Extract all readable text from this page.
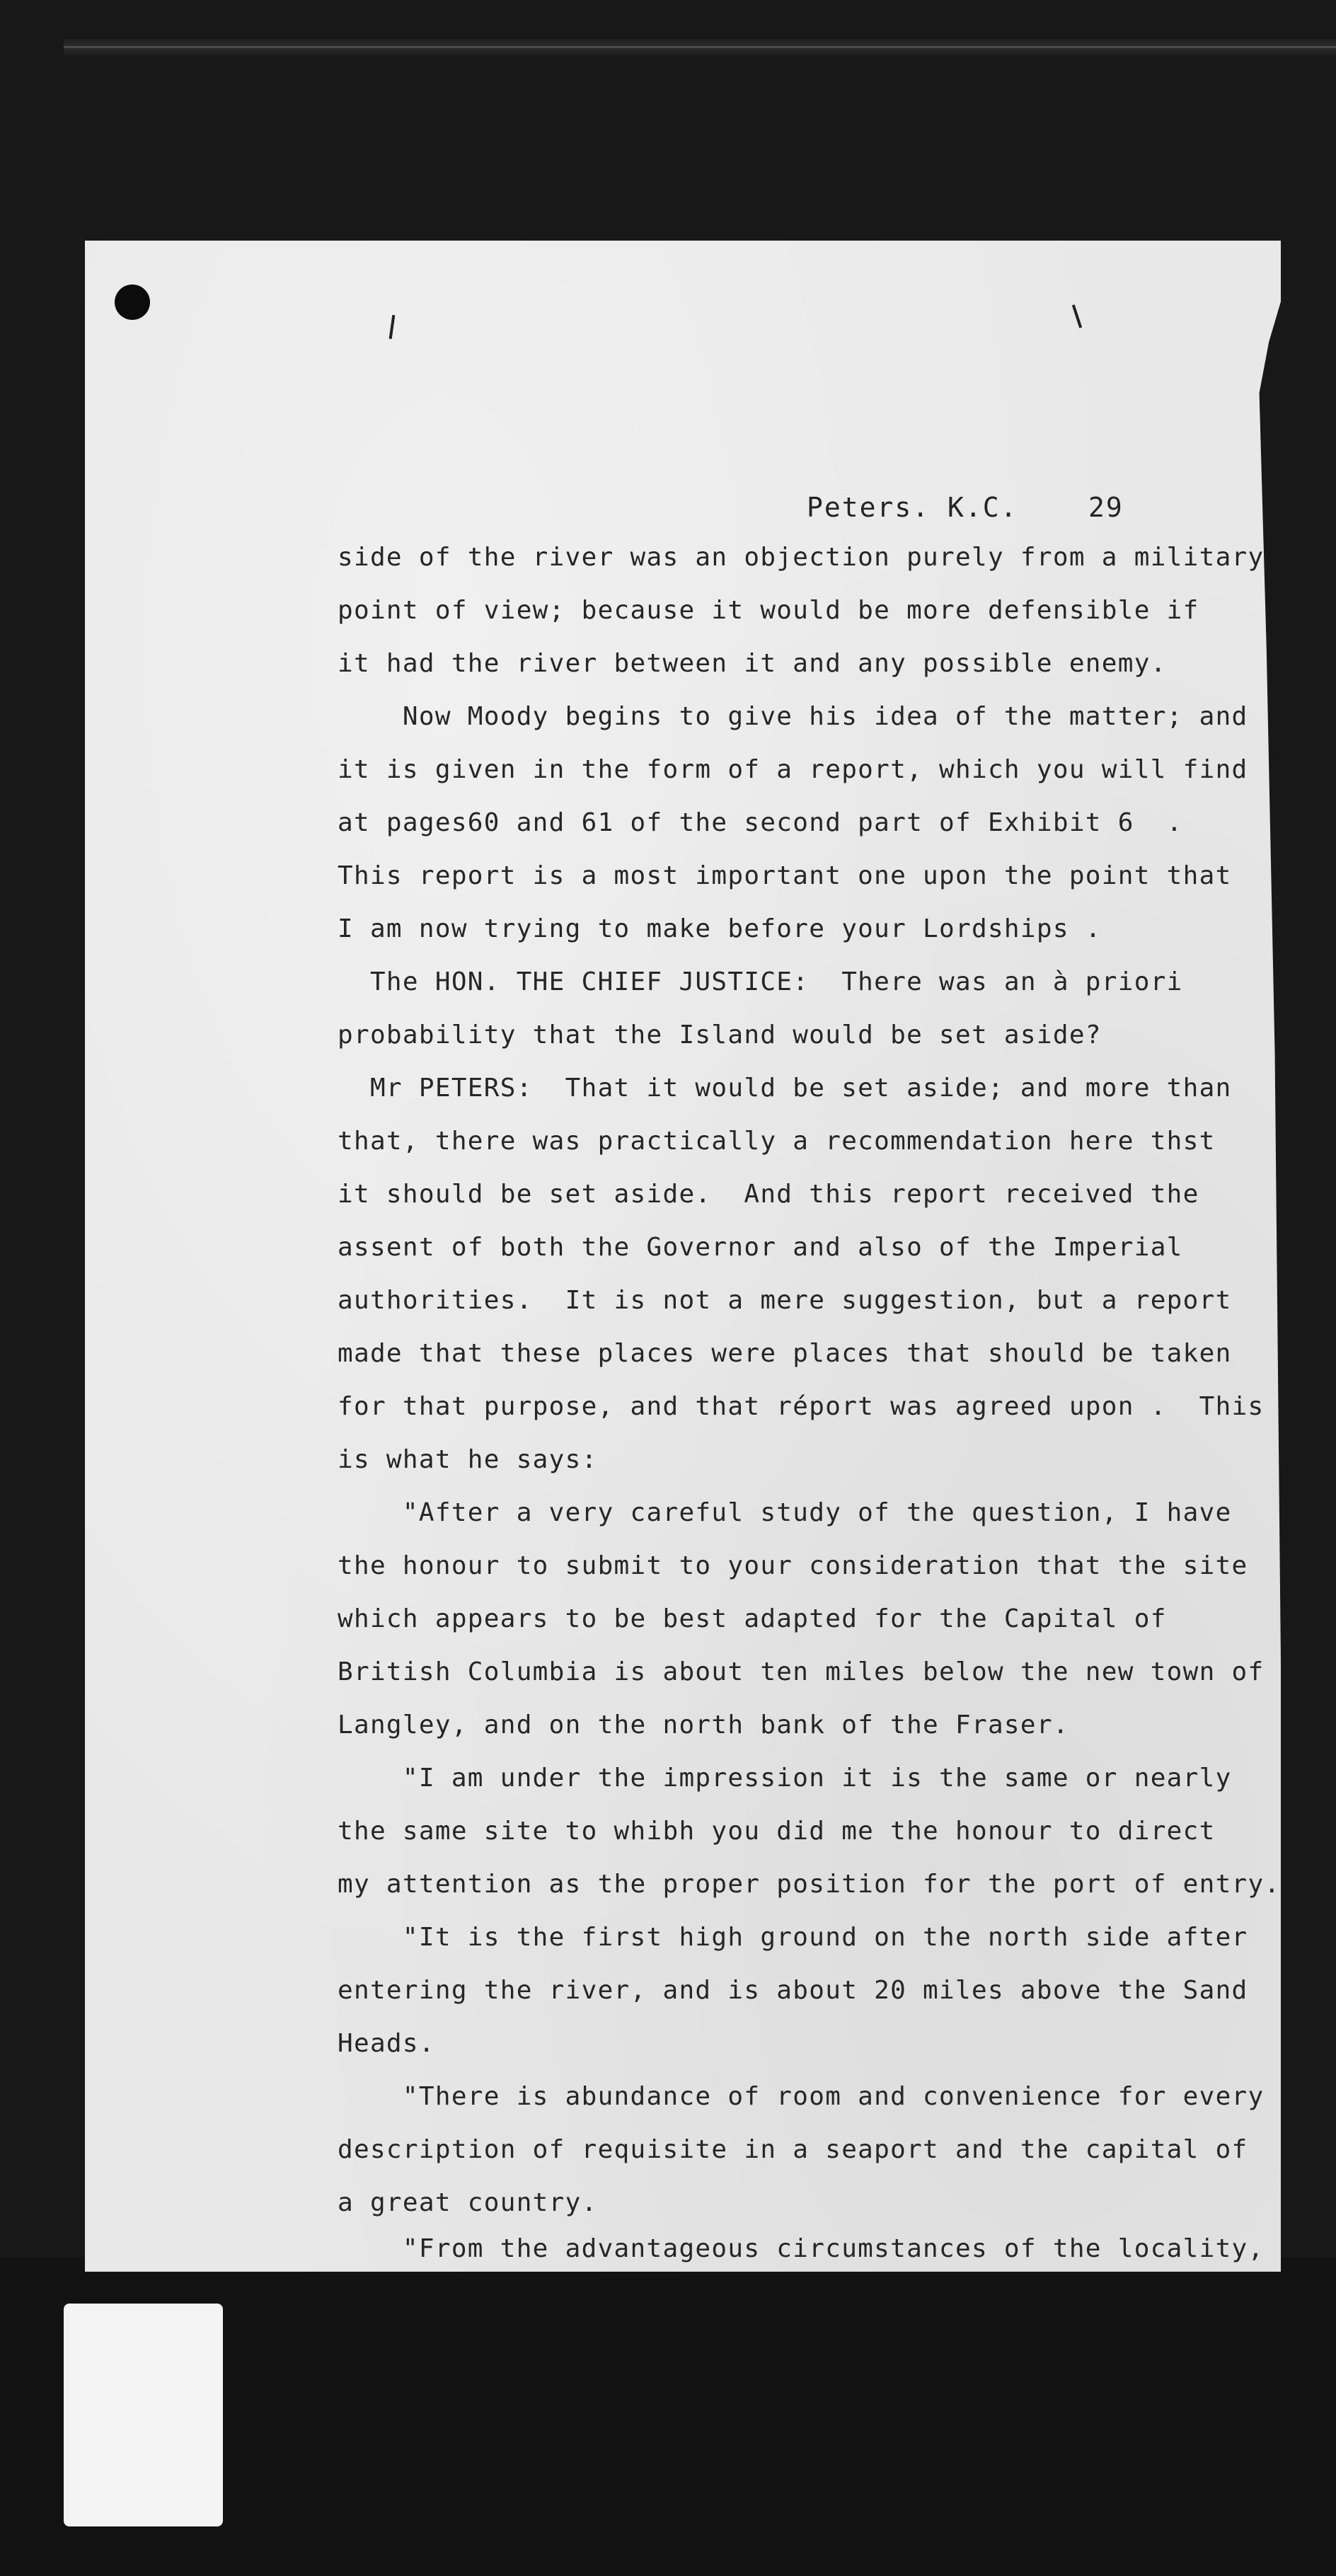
Peters. K.C.    29
side of the river was an objection purely from a military
point of view; because it would be more defensible if
it had the river between it and any possible enemy.
Now Moody begins to give his idea of the matter; and
it is given in the form of a report, which you will find
at pages60 and 61 of the second part of Exhibit 6  .
This report is a most important one upon the point that
I am now trying to make before your Lordships .
The HON. THE CHIEF JUSTICE:  There was an à priori
probability that the Island would be set aside?
Mr PETERS:  That it would be set aside; and more than
that, there was practically a recommendation here thst
it should be set aside.  And this report received the
assent of both the Governor and also of the Imperial
authorities.  It is not a mere suggestion, but a report
made that these places were places that should be taken
for that purpose, and that réport was agreed upon .  This
is what he says:
"After a very careful study of the question, I have
the honour to submit to your consideration that the site
which appears to be best adapted for the Capital of
British Columbia is about ten miles below the new town of
Langley, and on the north bank of the Fraser.
"I am under the impression it is the same or nearly
the same site to whibh you did me the honour to direct
my attention as the proper position for the port of entry.
"It is the first high ground on the north side after
entering the river, and is about 20 miles above the Sand
Heads.
"There is abundance of room and convenience for every
description of requisite in a seaport and the capital of
a great country.
"From the advantageous circumstances of the locality,
